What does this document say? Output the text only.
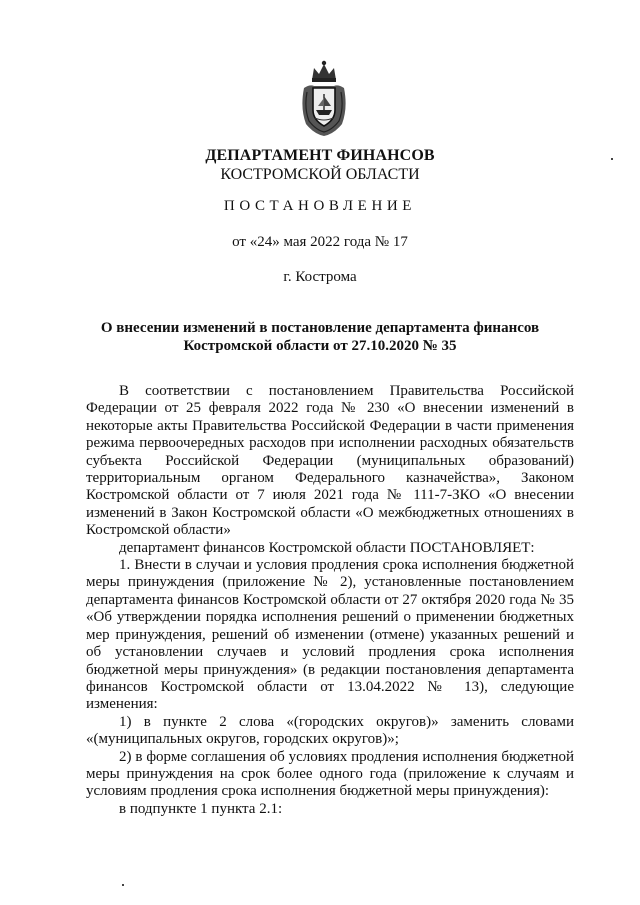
ДЕПАРТАМЕНТ ФИНАНСОВ
КОСТРОМСКОЙ ОБЛАСТИ
ПОСТАНОВЛЕНИЕ
от «24» мая 2022 года № 17
г. Кострома
О внесении изменений в постановление департамента финансов
Костромской области от 27.10.2020 № 35

В соответствии с постановлением Правительства Российской Федерации от 25 февраля 2022 года № 230 «О внесении изменений в некоторые акты Правительства Российской Федерации в части применения режима первоочередных расходов при исполнении расходных обязательств субъекта Российской Федерации (муниципальных образований) территориальным органом Федерального казначейства», Законом Костромской области от 7 июля 2021 года № 111-7-ЗКО «О внесении изменений в Закон Костромской области «О межбюджетных отношениях в Костромской области»

департамент финансов Костромской области ПОСТАНОВЛЯЕТ:

1. Внести в случаи и условия продления срока исполнения бюджетной меры принуждения (приложение № 2), установленные постановлением департамента финансов Костромской области от 27 октября 2020 года № 35 «Об утверждении порядка исполнения решений о применении бюджетных мер принуждения, решений об изменении (отмене) указанных решений и об установлении случаев и условий продления срока исполнения бюджетной меры принуждения» (в редакции постановления департамента финансов Костромской области от 13.04.2022 № 13), следующие изменения:

1) в пункте 2 слова «(городских округов)» заменить словами «(муниципальных округов, городских округов)»;

2) в форме соглашения об условиях продления исполнения бюджетной меры принуждения на срок более одного года (приложение к случаям и условиям продления срока исполнения бюджетной меры принуждения):

в подпункте 1 пункта 2.1:
